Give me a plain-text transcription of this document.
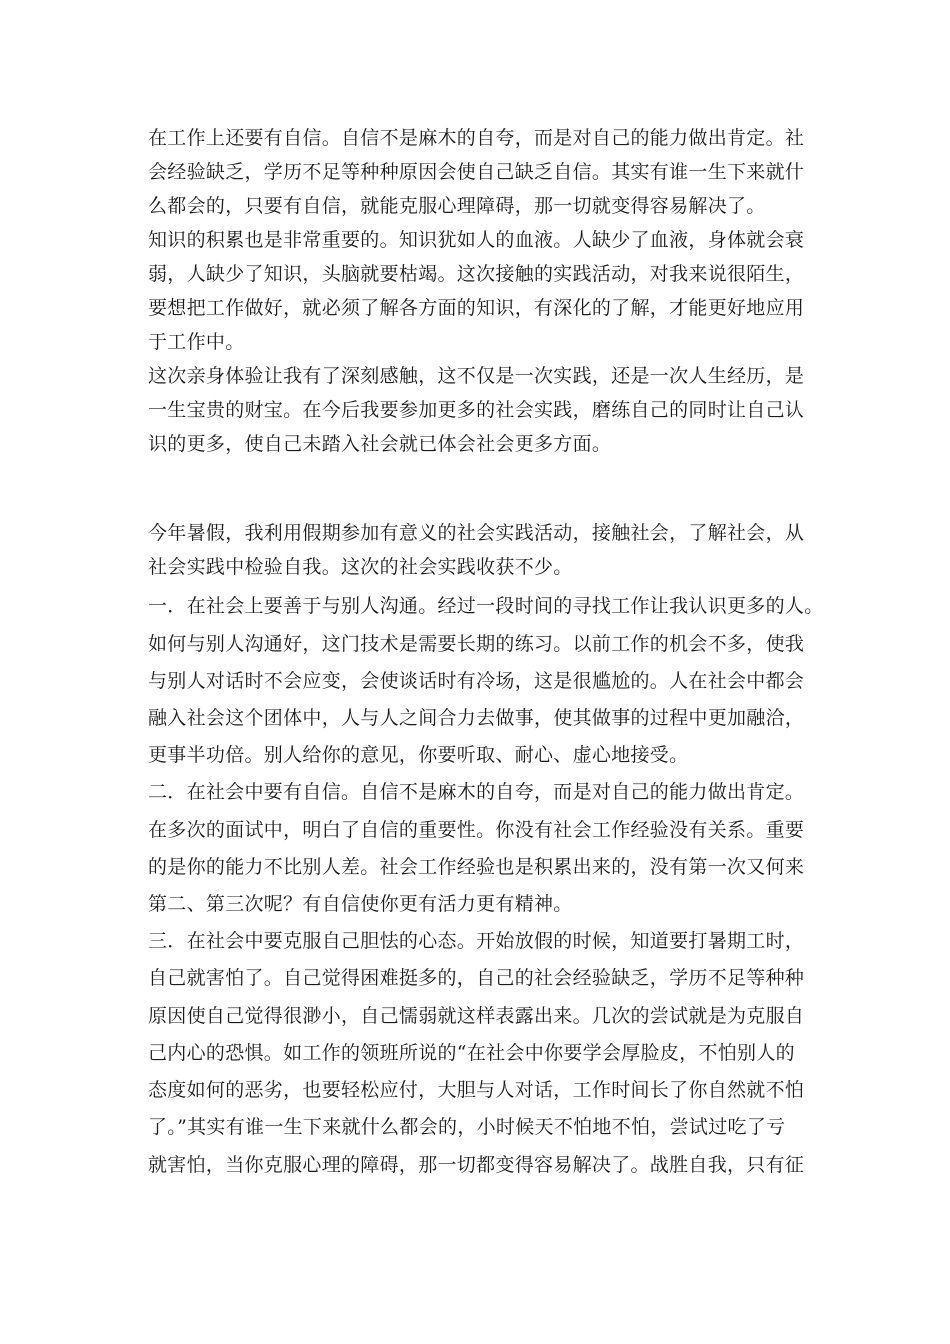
在工作上还要有自信。自信不是麻木的自夸，而是对自己的能力做出肯定。社
会经验缺乏，学历不足等种种原因会使自己缺乏自信。其实有谁一生下来就什
么都会的，只要有自信，就能克服心理障碍，那一切就变得容易解决了。
知识的积累也是非常重要的。知识犹如人的血液。人缺少了血液，身体就会衰
弱，人缺少了知识，头脑就要枯竭。这次接触的实践活动，对我来说很陌生，
要想把工作做好，就必须了解各方面的知识，有深化的了解，才能更好地应用
于工作中。
这次亲身体验让我有了深刻感触，这不仅是一次实践，还是一次人生经历，是
一生宝贵的财宝。在今后我要参加更多的社会实践，磨练自己的同时让自己认
识的更多，使自己未踏入社会就已体会社会更多方面。
今年暑假，我利用假期参加有意义的社会实践活动，接触社会，了解社会，从
社会实践中检验自我。这次的社会实践收获不少。
一．在社会上要善于与别人沟通。经过一段时间的寻找工作让我认识更多的人。
如何与别人沟通好，这门技术是需要长期的练习。以前工作的机会不多，使我
与别人对话时不会应变，会使谈话时有冷场，这是很尴尬的。人在社会中都会
融入社会这个团体中，人与人之间合力去做事，使其做事的过程中更加融洽，
更事半功倍。别人给你的意见，你要听取、耐心、虚心地接受。
二．在社会中要有自信。自信不是麻木的自夸，而是对自己的能力做出肯定。
在多次的面试中，明白了自信的重要性。你没有社会工作经验没有关系。重要
的是你的能力不比别人差。社会工作经验也是积累出来的，没有第一次又何来
第二、第三次呢？有自信使你更有活力更有精神。
三．在社会中要克服自己胆怯的心态。开始放假的时候，知道要打暑期工时，
自己就害怕了。自己觉得困难挺多的，自己的社会经验缺乏，学历不足等种种
原因使自己觉得很渺小，自己懦弱就这样表露出来。几次的尝试就是为克服自
己内心的恐惧。如工作的领班所说的“在社会中你要学会厚脸皮，不怕别人的
态度如何的恶劣，也要轻松应付，大胆与人对话，工作时间长了你自然就不怕
了。”其实有谁一生下来就什么都会的，小时候天不怕地不怕，尝试过吃了亏
就害怕，当你克服心理的障碍，那一切都变得容易解决了。战胜自我，只有征
